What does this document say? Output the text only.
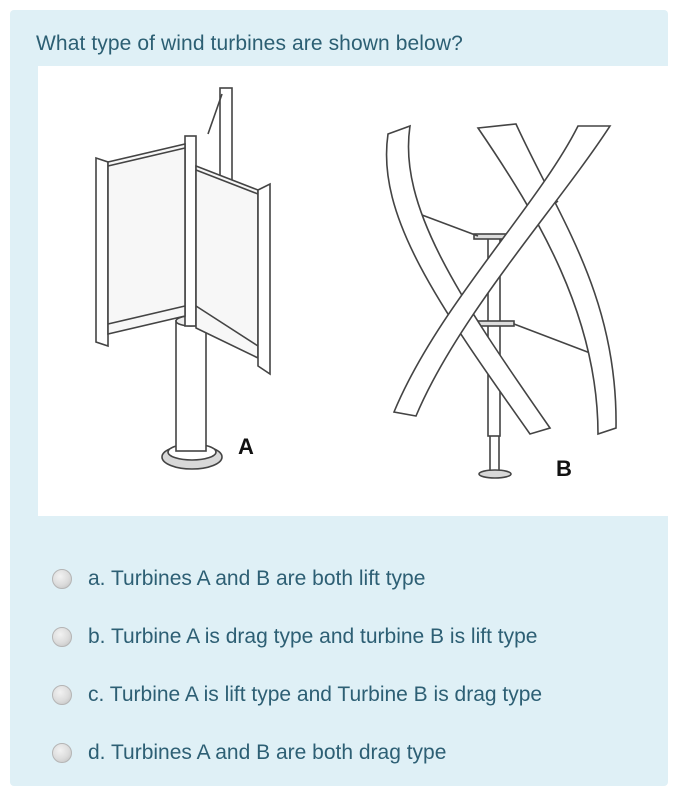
What type of wind turbines are shown below?
A
B
a. Turbines A and B are both lift type
b. Turbine A is drag type and turbine B is lift type
c. Turbine A is lift type and Turbine B is drag type
d. Turbines A and B are both drag type
